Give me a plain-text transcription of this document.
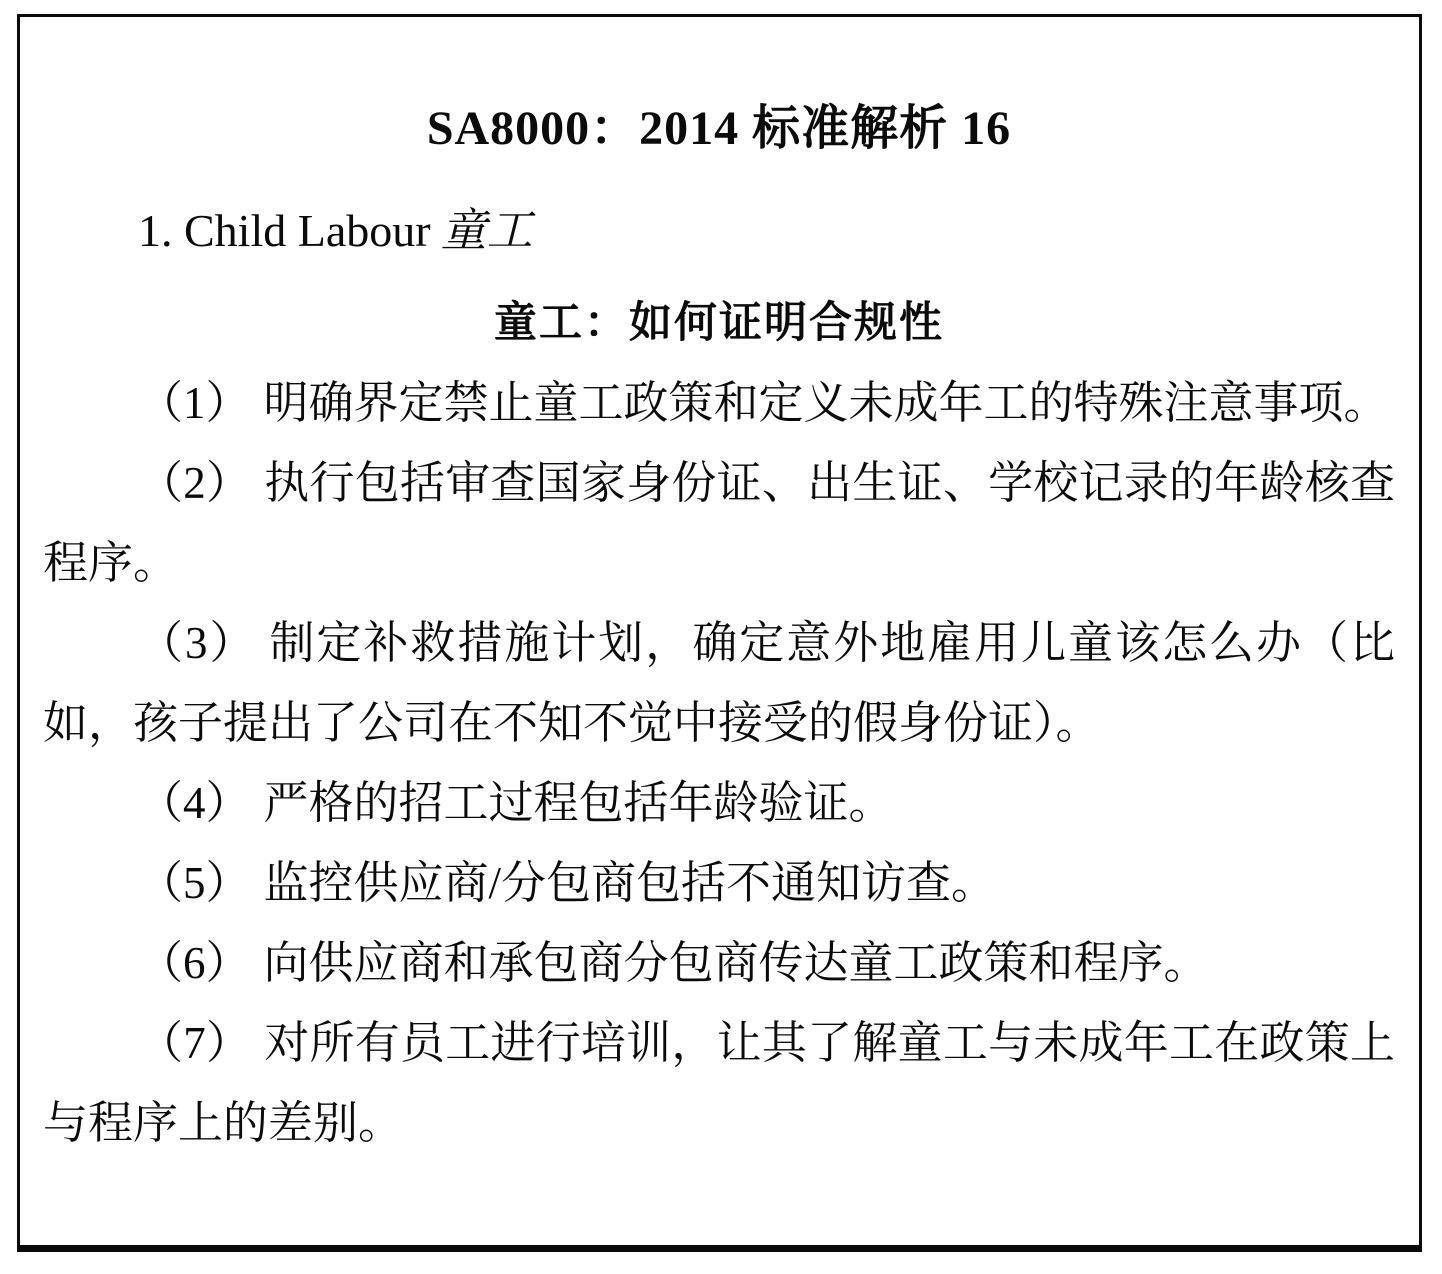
SA8000：2014 标准解析 16

1. Child Labour 童工

童工：如何证明合规性

（1） 明确界定禁止童工政策和定义未成年工的特殊注意事项。

（2） 执行包括审查国家身份证、出生证、学校记录的年龄核查程序。

（3） 制定补救措施计划，确定意外地雇用儿童该怎么办（比如，孩子提出了公司在不知不觉中接受的假身份证）。

（4） 严格的招工过程包括年龄验证。

（5） 监控供应商/分包商包括不通知访查。

（6） 向供应商和承包商分包商传达童工政策和程序。

（7） 对所有员工进行培训，让其了解童工与未成年工在政策上与程序上的差别。
